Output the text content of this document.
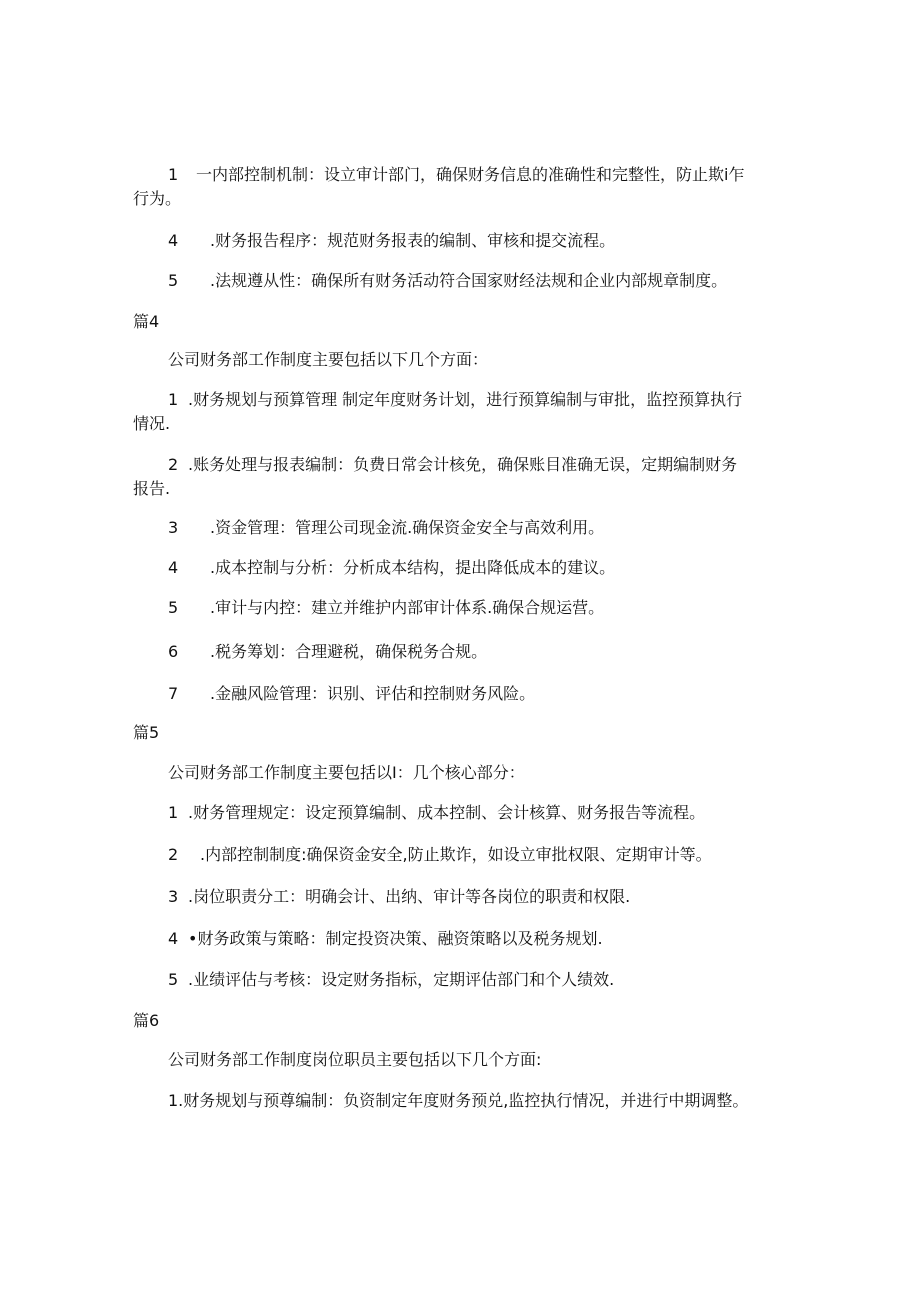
1 一内部控制机制：设立审计部门，确保财务信息的准确性和完整性，防止欺i乍
行为。
4 .财务报告程序：规范财务报表的编制、审核和提交流程。
5 .法规遵从性：确保所有财务活动符合国家财经法规和企业内部规章制度。
篇4
公司财务部工作制度主要包括以下几个方面：
1 .财务规划与预算管理 制定年度财务计划，进行预算编制与审批，监控预算执行
情况.
2 .账务处理与报表编制：负费日常会计核免，确保账目准确无误，定期编制财务
报告.
3 .资金管理：管理公司现金流.确保资金安全与高效利用。
4 .成本控制与分析：分析成本结构，提出降低成本的建议。
5 .审计与内控：建立并维护内部审计体系.确保合规运营。
6 .税务筹划：合理避税，确保税务合规。
7 .金融风险管理：识别、评估和控制财务风险。
篇5
公司财务部工作制度主要包括以I：几个核心部分：
1 .财务管理规定：设定预算编制、成本控制、会计核算、财务报告等流程。
2 .内部控制制度:确保资金安全,防止欺诈，如设立审批权限、定期审计等。
3 .岗位职责分工：明确会计、出纳、审计等各岗位的职责和权限.
4 •财务政策与策略：制定投资决策、融资策略以及税务规划.
5 .业绩评估与考核：设定财务指标，定期评估部门和个人绩效.
篇6
公司财务部工作制度岗位职员主要包括以下几个方面:
1.财务规划与预尊编制：负资制定年度财务预兑,监控执行情况，并进行中期调整。
